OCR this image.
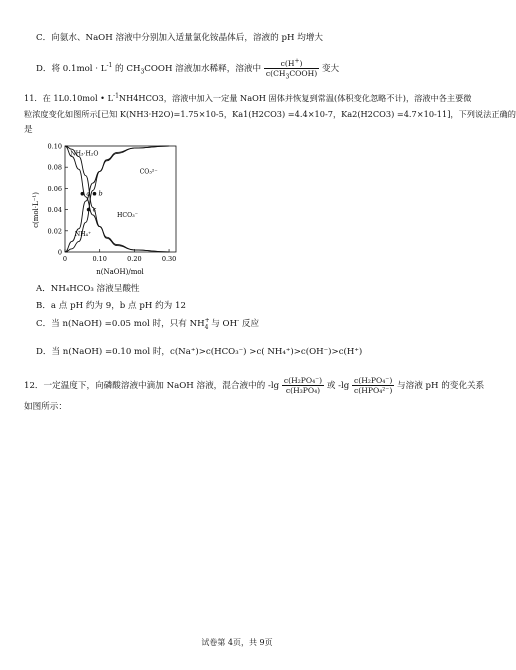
C．向氨水、NaOH 溶液中分别加入适量氯化铵晶体后，溶液的 pH 均增大
D．将 $0.1mol \cdot L^{-1}$ 的 $CH_3COOH$ 溶液加水稀释，溶液中 $\frac{c(H^+)}{c(CH_3COOH)}$ 变大
11．在 1L0.10mol • $L^{-1}NH4HCO3$，溶液中加入一定量 NaOH 固体并恢复到常温(体积变化忽略不计)，溶液中各主要微
粒浓度变化如图所示[已知 K(NH3·H2O)=1.75×10-5，Ka1(H2CO3) =4.4×10-7，Ka2(H2CO3) =4.7×10-11]，下列说法正确的
是
0
0.02
0.04
0.06
0.08
0.10
0	0.10	0.20	0.30
NH₃·H₂O
CO₃²⁻
HCO₃⁻
NH₄⁺
a b
c
c(mol·L⁻¹)
n(NaOH)/mol
A．NH₄HCO₃ 溶液呈酸性
B．a 点 pH 约为 9，b 点 pH 约为 12
C．当 n(NaOH) =0.05 mol 时，只有 $NH^+_4$ 与 OH- 反应
D．当 n(NaOH) =0.10 mol 时，c(Na⁺)>c(HCO₃⁻) >c( NH₄⁺)>c(OH⁻)>c(H⁺)
12．一定温度下，向磷酸溶液中滴加 NaOH 溶液，混合液中的 $-\lg \frac{\text{c(H₂PO₄⁻)}}{\text{c(H₃PO₄)}}$ 或 $-\lg \frac{\text{c(H₂PO₄⁻)}}{\text{c(HPO₄²⁻)}}$ 与溶液 pH 的变化关系
如图所示：
试卷第 4页，共 9页
